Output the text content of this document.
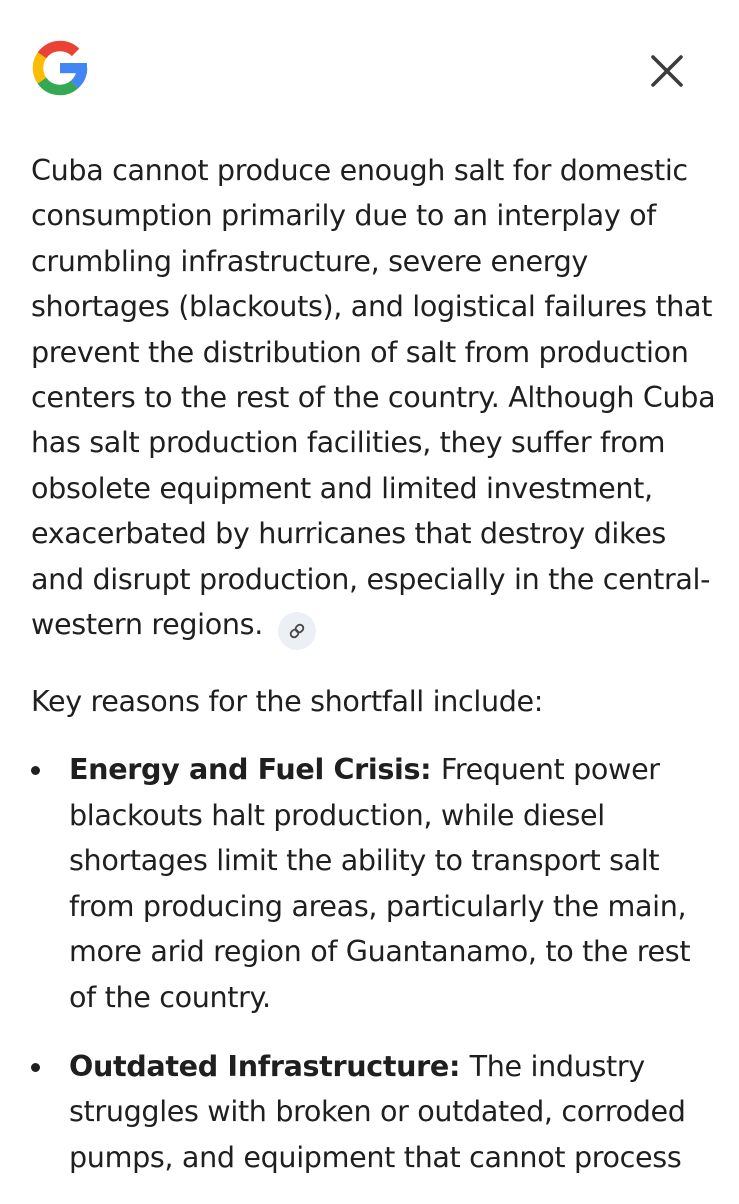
Cuba cannot produce enough salt for domestic consumption primarily due to an interplay of crumbling infrastructure, severe energy shortages (blackouts), and logistical failures that prevent the distribution of salt from production centers to the rest of the country. Although Cuba has salt production facilities, they suffer from obsolete equipment and limited investment, exacerbated by hurricanes that destroy dikes and disrupt production, especially in the central-western regions.

Key reasons for the shortfall include:

Energy and Fuel Crisis: Frequent power blackouts halt production, while diesel shortages limit the ability to transport salt from producing areas, particularly the main, more arid region of Guantanamo, to the rest of the country.
Outdated Infrastructure: The industry struggles with broken or outdated, corroded pumps, and equipment that cannot process
